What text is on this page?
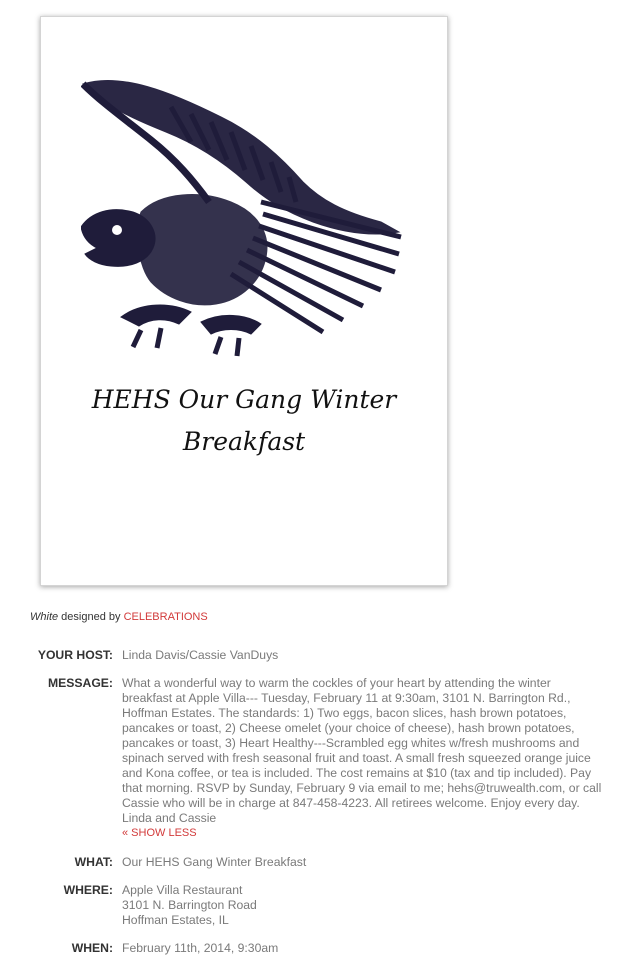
HEHS Our Gang Winter
Breakfast
White designed by CELEBRATIONS
YOUR HOST: Linda Davis/Cassie VanDuys
MESSAGE: What a wonderful way to warm the cockles of your heart by attending the winter breakfast at Apple Villa--- Tuesday, February 11 at 9:30am, 3101 N. Barrington Rd., Hoffman Estates. The standards: 1) Two eggs, bacon slices, hash brown potatoes, pancakes or toast, 2) Cheese omelet (your choice of cheese), hash brown potatoes, pancakes or toast, 3) Heart Healthy---Scrambled egg whites w/fresh mushrooms and spinach served with fresh seasonal fruit and toast. A small fresh squeezed orange juice and Kona coffee, or tea is included. The cost remains at $10 (tax and tip included). Pay that morning. RSVP by Sunday, February 9 via email to me; hehs@truwealth.com, or call Cassie who will be in charge at 847-458-4223. All retirees welcome. Enjoy every day. Linda and Cassie
« SHOW LESS
WHAT: Our HEHS Gang Winter Breakfast
WHERE: Apple Villa Restaurant
3101 N. Barrington Road
Hoffman Estates, IL
WHEN: February 11th, 2014, 9:30am
